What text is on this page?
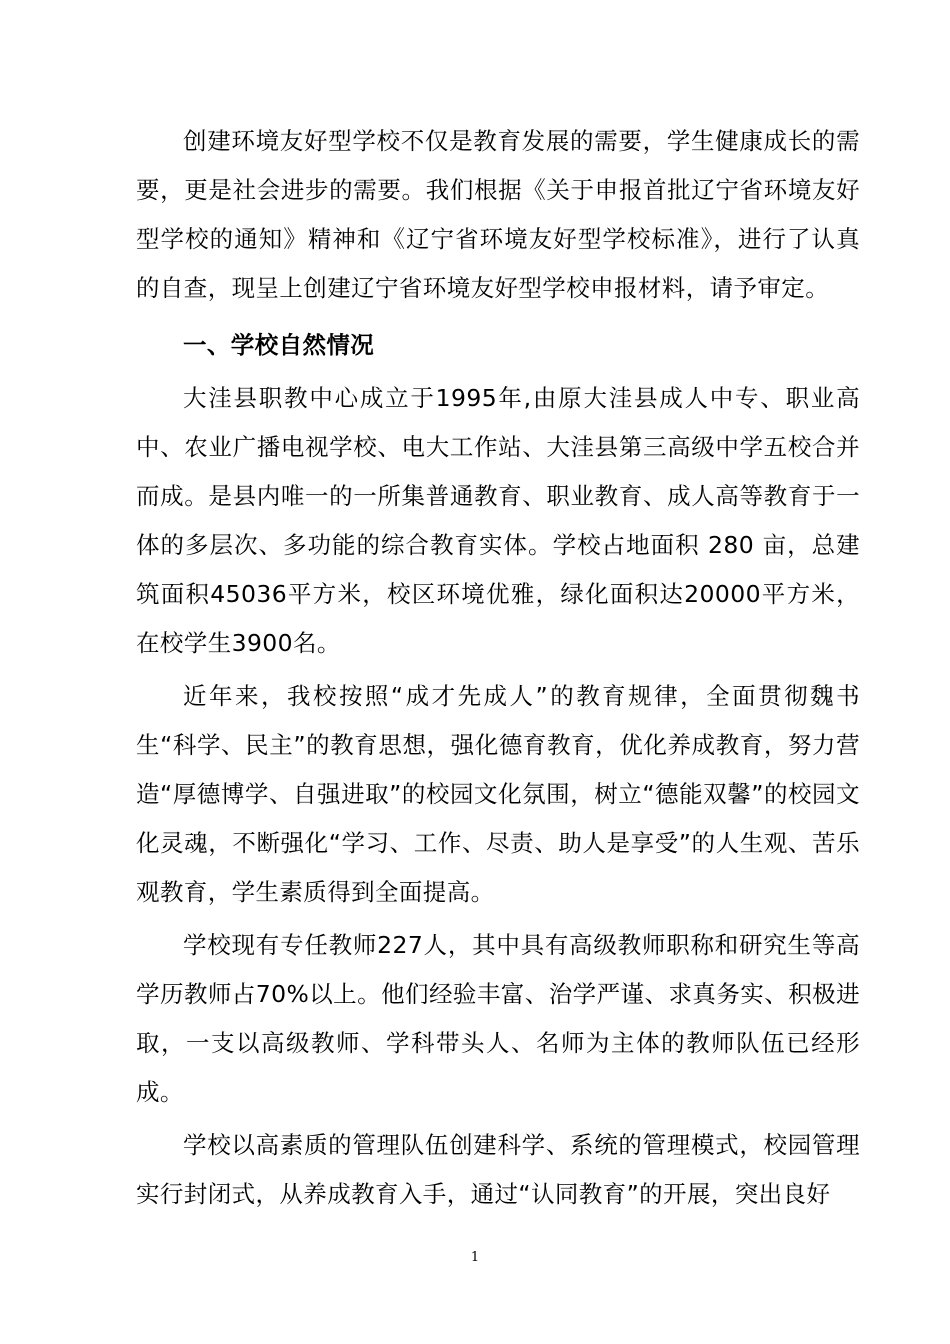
创建环境友好型学校不仅是教育发展的需要，学生健康成长的需要，更是社会进步的需要。我们根据《关于申报首批辽宁省环境友好型学校的通知》精神和《辽宁省环境友好型学校标准》，进行了认真的自查，现呈上创建辽宁省环境友好型学校申报材料，请予审定。

一、学校自然情况

大洼县职教中心成立于1995年,由原大洼县成人中专、职业高中、农业广播电视学校、电大工作站、大洼县第三高级中学五校合并而成。是县内唯一的一所集普通教育、职业教育、成人高等教育于一体的多层次、多功能的综合教育实体。学校占地面积 280 亩，总建筑面积45036平方米，校区环境优雅，绿化面积达20000平方米，在校学生3900名。

近年来，我校按照“成才先成人”的教育规律，全面贯彻魏书生“科学、民主”的教育思想，强化德育教育，优化养成教育，努力营造“厚德博学、自强进取”的校园文化氛围，树立“德能双馨”的校园文化灵魂，不断强化“学习、工作、尽责、助人是享受”的人生观、苦乐观教育，学生素质得到全面提高。

学校现有专任教师227人，其中具有高级教师职称和研究生等高学历教师占70%以上。他们经验丰富、治学严谨、求真务实、积极进取，一支以高级教师、学科带头人、名师为主体的教师队伍已经形成。

学校以高素质的管理队伍创建科学、系统的管理模式，校园管理实行封闭式，从养成教育入手，通过“认同教育”的开展，突出良好

1
